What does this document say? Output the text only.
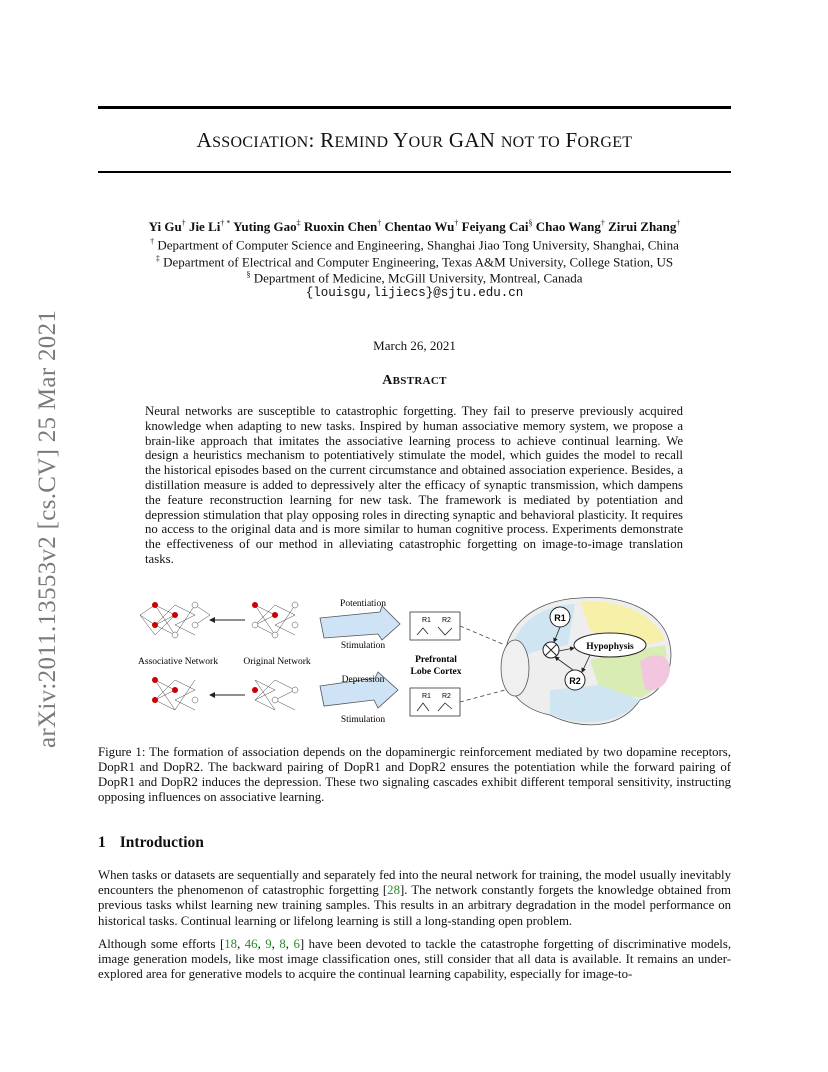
ASSOCIATION: REMIND YOUR GAN NOT TO FORGET
arXiv:2011.13553v2 [cs.CV] 25 Mar 2021
Yi Gu† Jie Li† * Yuting Gao‡ Ruoxin Chen† Chentao Wu† Feiyang Cai§ Chao Wang† Zirui Zhang†
† Department of Computer Science and Engineering, Shanghai Jiao Tong University, Shanghai, China
‡ Department of Electrical and Computer Engineering, Texas A&M University, College Station, US
§ Department of Medicine, McGill University, Montreal, Canada
{louisgu,lijiecs}@sjtu.edu.cn
March 26, 2021
ABSTRACT

Neural networks are susceptible to catastrophic forgetting. They fail to preserve previously acquired knowledge when adapting to new tasks. Inspired by human associative memory system, we propose a brain-like approach that imitates the associative learning process to achieve continual learning. We design a heuristics mechanism to potentiatively stimulate the model, which guides the model to recall the historical episodes based on the current circumstance and obtained association experience. Besides, a distillation measure is added to depressively alter the efficacy of synaptic transmission, which dampens the feature reconstruction learning for new task. The framework is mediated by potentiation and depression stimulation that play opposing roles in directing synaptic and behavioral plasticity. It requires no access to the original data and is more similar to human cognitive process. Experiments demonstrate the effectiveness of our method in alleviating catastrophic forgetting on image-to-image translation tasks.

Associative Network	Original Network
Potentiation
Stimulation
Depression
Stimulation
R1 R2
R1 R2
Prefrontal
Lobe Cortex
R1
R2
Hypophysis

Figure 1: The formation of association depends on the dopaminergic reinforcement mediated by two dopamine receptors, DopR1 and DopR2. The backward pairing of DopR1 and DopR2 ensures the potentiation while the forward pairing of DopR1 and DopR2 induces the depression. These two signaling cascades exhibit different temporal sensitivity, instructing opposing influences on associative learning.

1 Introduction

When tasks or datasets are sequentially and separately fed into the neural network for training, the model usually inevitably encounters the phenomenon of catastrophic forgetting [28]. The network constantly forgets the knowledge obtained from previous tasks whilst learning new training samples. This results in an arbitrary degradation in the model performance on historical tasks. Continual learning or lifelong learning is still a long-standing open problem.

Although some efforts [18, 46, 9, 8, 6] have been devoted to tackle the catastrophe forgetting of discriminative models, image generation models, like most image classification ones, still consider that all data is available. It remains an under-explored area for generative models to acquire the continual learning capability, especially for image-to-
